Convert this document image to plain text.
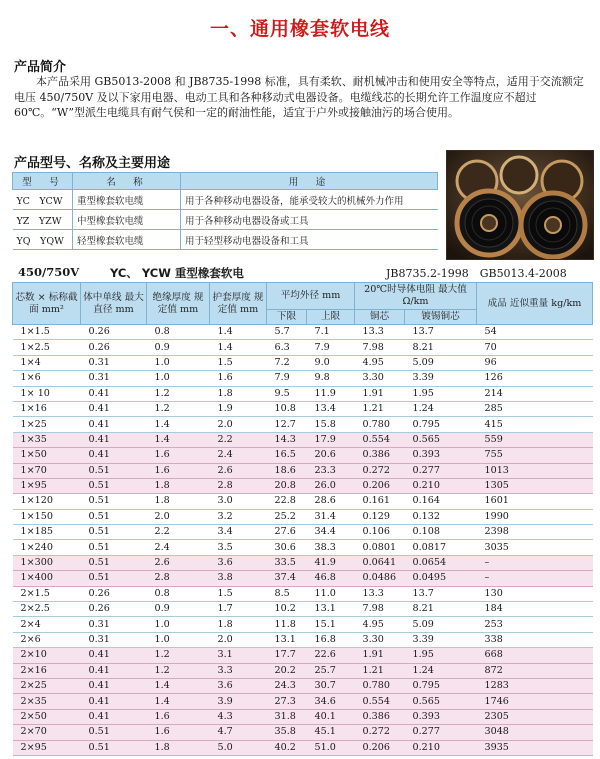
一、通用橡套软电线
产品简介

本产品采用 GB5013-2008 和 JB8735-1998 标准，具有柔软、耐机械冲击和使用安全等特点，适用于交流额定电压 450/750V 及以下家用电器、电动工具和各种移动式电器设备。电缆线芯的长期允许工作温度应不超过 60℃。“W”型派生电缆具有耐气侯和一定的耐油性能，适宜于户外或接触油污的场合使用。

产品型号、名称及主要用途
型　号	名　称	用　途
YC　YCW	重型橡套软电缆	用于各种移动电器设备，能承受较大的机械外力作用
YZ　YZW	中型橡套软电缆	用于各种移动电器设备或工具
YQ　YQW	轻型橡套软电缆	用于轻型移动电器设备和工具
450/750V	YC、 YCW 重型橡套软电	JB8735.2-1998　GB5013.4-2008
芯数 × 标称截面 mm²	体中单线 最大直径 mm	绝缘厚度 规定值 mm	护套厚度 规定值 mm	平均外径 mm		20℃时导体电阻 最大值Ω/km		成品 近似重量 kg/km
				下限	上限	铜芯	镀锡铜芯	
1×1.5	0.26	0.8	1.4	5.7	7.1	13.3	13.7	54
1×2.5	0.26	0.9	1.4	6.3	7.9	7.98	8.21	70
1×4	0.31	1.0	1.5	7.2	9.0	4.95	5.09	96
1×6	0.31	1.0	1.6	7.9	9.8	3.30	3.39	126
1× 10	0.41	1.2	1.8	9.5	11.9	1.91	1.95	214
1×16	0.41	1.2	1.9	10.8	13.4	1.21	1.24	285
1×25	0.41	1.4	2.0	12.7	15.8	0.780	0.795	415
1×35	0.41	1.4	2.2	14.3	17.9	0.554	0.565	559
1×50	0.41	1.6	2.4	16.5	20.6	0.386	0.393	755
1×70	0.51	1.6	2.6	18.6	23.3	0.272	0.277	1013
1×95	0.51	1.8	2.8	20.8	26.0	0.206	0.210	1305
1×120	0.51	1.8	3.0	22.8	28.6	0.161	0.164	1601
1×150	0.51	2.0	3.2	25.2	31.4	0.129	0.132	1990
1×185	0.51	2.2	3.4	27.6	34.4	0.106	0.108	2398
1×240	0.51	2.4	3.5	30.6	38.3	0.0801	0.0817	3035
1×300	0.51	2.6	3.6	33.5	41.9	0.0641	0.0654	–
1×400	0.51	2.8	3.8	37.4	46.8	0.0486	0.0495	–
2×1.5	0.26	0.8	1.5	8.5	11.0	13.3	13.7	130
2×2.5	0.26	0.9	1.7	10.2	13.1	7.98	8.21	184
2×4	0.31	1.0	1.8	11.8	15.1	4.95	5.09	253
2×6	0.31	1.0	2.0	13.1	16.8	3.30	3.39	338
2×10	0.41	1.2	3.1	17.7	22.6	1.91	1.95	668
2×16	0.41	1.2	3.3	20.2	25.7	1.21	1.24	872
2×25	0.41	1.4	3.6	24.3	30.7	0.780	0.795	1283
2×35	0.41	1.4	3.9	27.3	34.6	0.554	0.565	1746
2×50	0.41	1.6	4.3	31.8	40.1	0.386	0.393	2305
2×70	0.51	1.6	4.7	35.8	45.1	0.272	0.277	3048
2×95	0.51	1.8	5.0	40.2	51.0	0.206	0.210	3935
